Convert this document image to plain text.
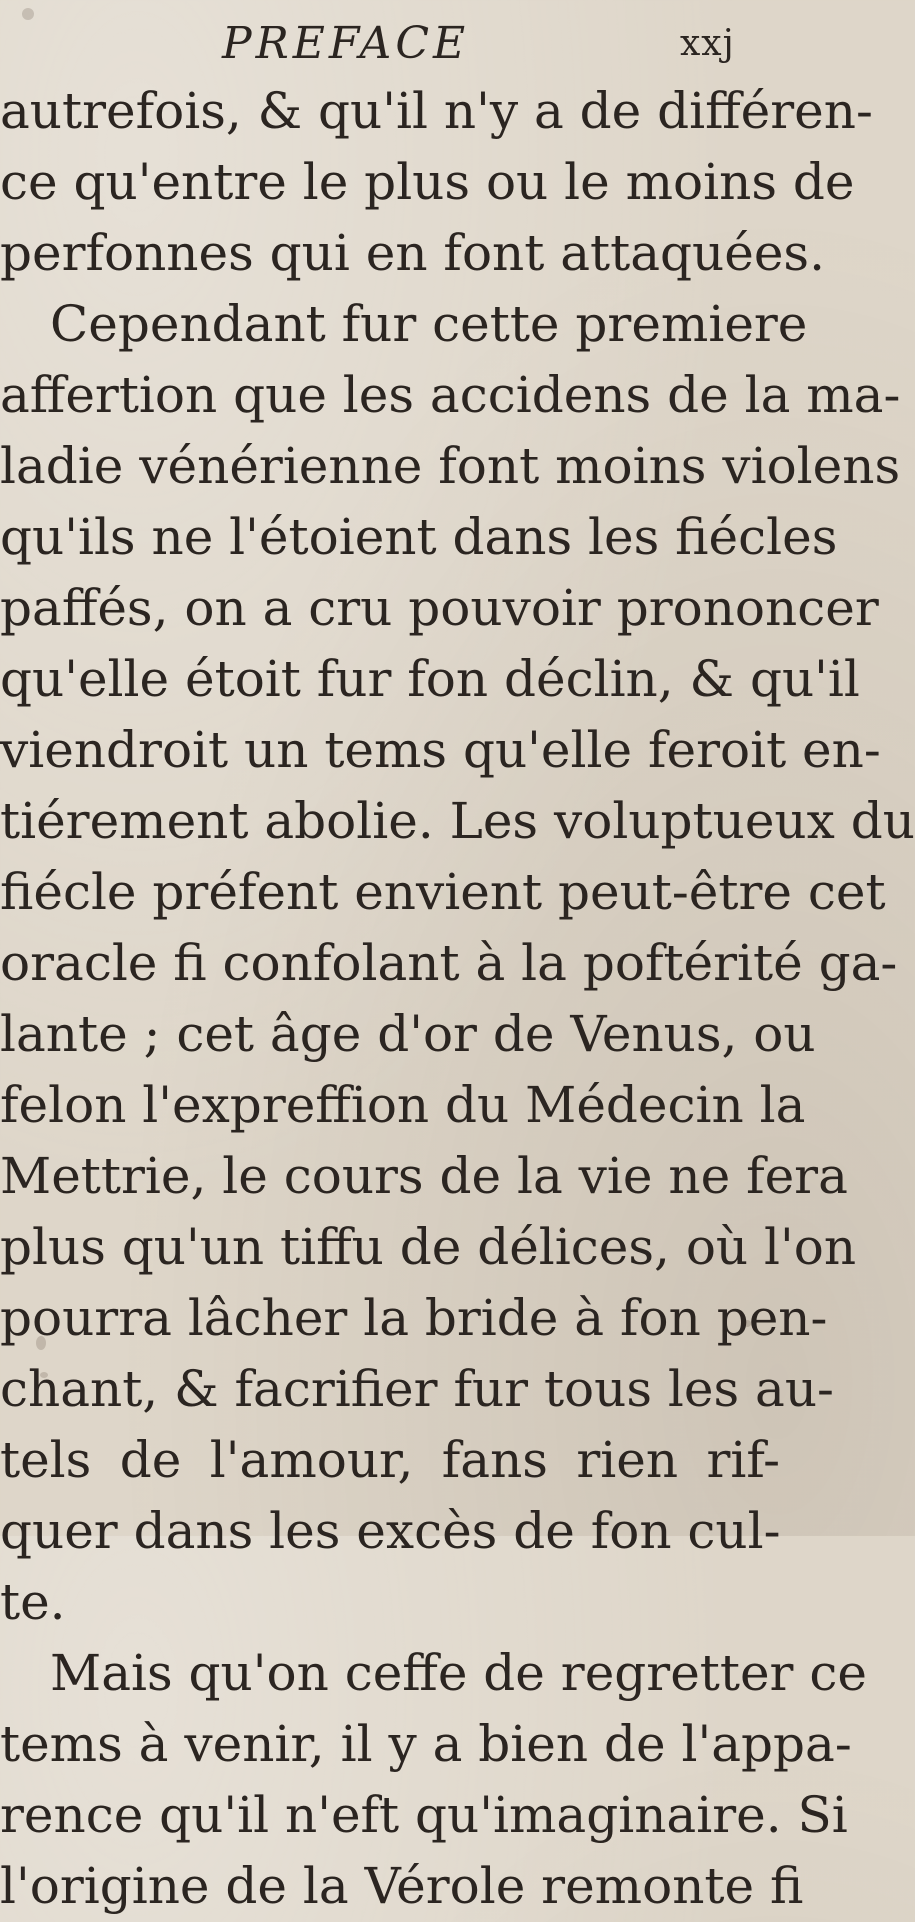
PREFACE	xxj
autrefois, & qu'il n'y a de différen-
ce qu'entre le plus ou le moins de
perfonnes qui en font attaquées.
Cependant fur cette premiere
affertion que les accidens de la ma-
ladie vénérienne font moins violens
qu'ils ne l'étoient dans les fiécles
paffés, on a cru pouvoir prononcer
qu'elle étoit fur fon déclin, & qu'il
viendroit un tems qu'elle feroit en-
tiérement abolie. Les voluptueux du
fiécle préfent envient peut-être cet
oracle fi confolant à la poftérité ga-
lante ; cet âge d'or de Venus, ou
felon l'expreffion du Médecin la
Mettrie, le cours de la vie ne fera
plus qu'un tiffu de délices, où l'on
pourra lâcher la bride à fon pen-
chant, & facrifier fur tous les au-
tels de l'amour, fans rien rif-
quer dans les excès de fon cul-
te.
Mais qu'on ceffe de regretter ce
tems à venir, il y a bien de l'appa-
rence qu'il n'eft qu'imaginaire. Si
l'origine de la Vérole remonte fi
